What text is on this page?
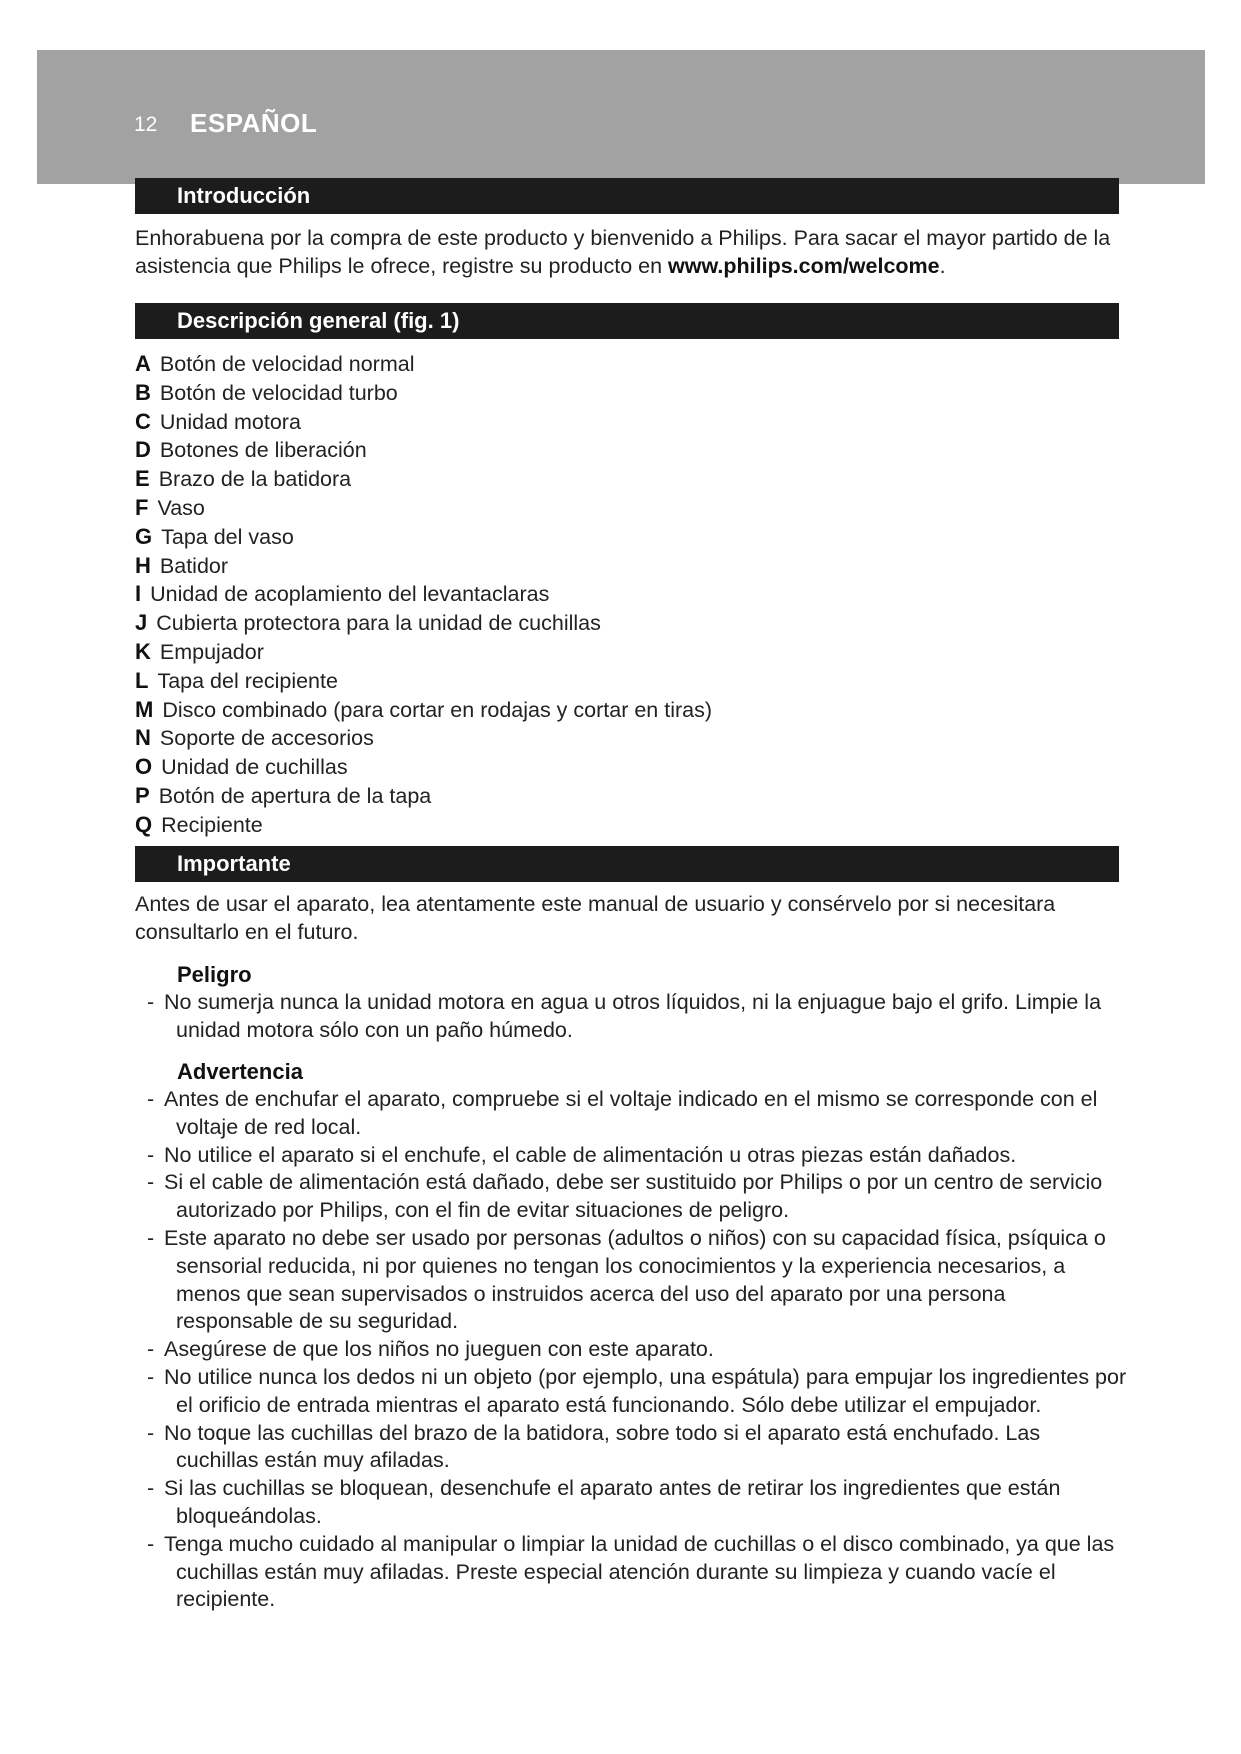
12 ESPAÑOL
Introducción
Enhorabuena por la compra de este producto y bienvenido a Philips. Para sacar el mayor partido de la asistencia que Philips le ofrece, registre su producto en www.philips.com/welcome.
Descripción general (fig. 1)
A Botón de velocidad normal
B Botón de velocidad turbo
C Unidad motora
D Botones de liberación
E Brazo de la batidora
F Vaso
G Tapa del vaso
H Batidor
I Unidad de acoplamiento del levantaclaras
J Cubierta protectora para la unidad de cuchillas
K Empujador
L Tapa del recipiente
M Disco combinado (para cortar en rodajas y cortar en tiras)
N Soporte de accesorios
O Unidad de cuchillas
P Botón de apertura de la tapa
Q Recipiente
Importante
Antes de usar el aparato, lea atentamente este manual de usuario y consérvelo por si necesitara consultarlo en el futuro.
Peligro
- No sumerja nunca la unidad motora en agua u otros líquidos, ni la enjuague bajo el grifo. Limpie la unidad motora sólo con un paño húmedo.
Advertencia
- Antes de enchufar el aparato, compruebe si el voltaje indicado en el mismo se corresponde con el voltaje de red local.
- No utilice el aparato si el enchufe, el cable de alimentación u otras piezas están dañados.
- Si el cable de alimentación está dañado, debe ser sustituido por Philips o por un centro de servicio autorizado por Philips, con el fin de evitar situaciones de peligro.
- Este aparato no debe ser usado por personas (adultos o niños) con su capacidad física, psíquica o sensorial reducida, ni por quienes no tengan los conocimientos y la experiencia necesarios, a menos que sean supervisados o instruidos acerca del uso del aparato por una persona responsable de su seguridad.
- Asegúrese de que los niños no jueguen con este aparato.
- No utilice nunca los dedos ni un objeto (por ejemplo, una espátula) para empujar los ingredientes por el orificio de entrada mientras el aparato está funcionando. Sólo debe utilizar el empujador.
- No toque las cuchillas del brazo de la batidora, sobre todo si el aparato está enchufado. Las cuchillas están muy afiladas.
- Si las cuchillas se bloquean, desenchufe el aparato antes de retirar los ingredientes que están bloqueándolas.
- Tenga mucho cuidado al manipular o limpiar la unidad de cuchillas o el disco combinado, ya que las cuchillas están muy afiladas. Preste especial atención durante su limpieza y cuando vacíe el recipiente.
